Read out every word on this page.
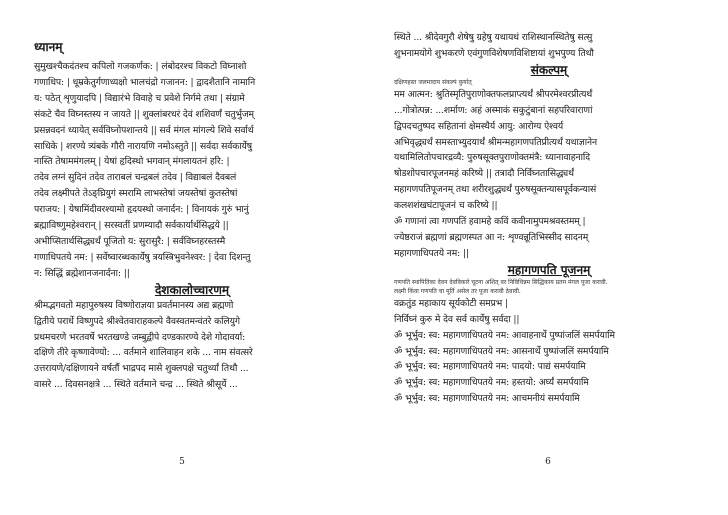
ध्यानम्
सुमुखश्चैकदंतश्च कपिलो गजकर्णक: | लंबोदरश्च विकटो विघ्नाशो
गणाधिप: | धूम्रकेतुर्गणाध्यक्षो भालचंद्रो गजानन: | द्वादशैतानि नामानि
य: पठेत् शृणुयादपि | विद्यारंभे विवाहे च प्रवेशे निर्गमे तथा | संग्रामे
संकटे चैव विघ्नस्तस्य न जायते || शुक्लांबरधरं देवं शशिवर्णं चतुर्भुजम्
प्रसन्नवदनं ध्यायेत् सर्वविघ्नोपशान्तये || सर्व मंगल मांगल्ये शिवे सर्वार्थ
साधिके | शरण्ये त्र्यंबके गौरी नारायणि नमोऽस्तुते || सर्वदा सर्वकार्येषु
नास्ति तेषाममंगलम् | येषां हृदिस्थो भगवान् मंगलायतनं हरि: |
तदेव लग्नं सुदिनं तदेव ताराबलं चन्द्रबलं तदेव | विद्याबलं दैवबलं
तदेव लक्ष्मीपते तेऽङ्घ्रियुगं स्मरामि लाभस्तेषां जयस्तेषां कुतस्तेषां
पराजय: | येषामिंदीवरश्यामो हृदयस्थो जनार्दन: | विनायकं गुरुं भानुं
ब्रह्माविष्णुमहेश्वरान् | सरस्वतीं प्रणम्यादौ सर्वकार्यार्थसिद्धये ||
अभीप्सितार्थसिद्ध्यर्थं पूजितो य: सुरासुरै: | सर्वविघ्नहरस्तस्मै
गणाधिपतये नम: | सर्वेष्वारब्धकार्येषु त्रयस्त्रिभुवनेश्वर: | देवा दिशन्तु
न: सिद्धिं ब्रह्मेशानजनार्दना: ||
देशकालोच्चारणम्
श्रीमद्भगवतो महापुरुषस्य विष्णोराज्ञया प्रवर्तमानस्य अद्य ब्रह्मणो
द्वितीये परार्धे विष्णुपदे श्रीश्वेतवाराहकल्पे वैवस्वतमन्वंतरे कलियुगे
प्रथमचरणे भरतवर्षे भरतखण्डे जम्बुद्वीपे दण्डकारण्ये देशे गोदावर्या:
दक्षिणे तीरे कृष्णावेण्यो: ... वर्तमाने शालिवाहन शके ... नाम संवत्सरे
उत्तरायणे/दक्षिणायने वर्षर्तौ भाद्रपद मासे शुक्लपक्षे चतुर्थ्यां तिथौ ...
वासरे ... दिवसनक्षत्रे ... स्थिते वर्तमाने चन्द्र ... स्थिते श्रीसूर्ये ...
5
स्थिते ... श्रीदेवगुरौ शेषेषु ग्रहेषु यथायथं राशिस्थानस्थितेषु सत्सु
शुभनामयोगे शुभकरणे एवंगुणविशेषणविशिष्टायां शुभपुण्य तिथौ
संकल्पम्
दक्षिणहस्त जलमादाय संकल्पं कुर्यात्
मम आत्मन: श्रुतिस्मृतिपुराणोक्तफलप्राप्त्यर्थं श्रीपरमेश्वरप्रीत्यर्थं
...गोत्रोत्पन्न: ...शर्माण: अहं अस्माकं सकुटुंबानां सहपरिवाराणां
द्विपदचतुष्पद सहितानां क्षेमस्थैर्य आयु: आरोग्य ऐश्वर्य
अभिवृद्ध्यर्थं समस्ताभ्युदयार्थं श्रीमन्महागणपतिप्रीत्यर्थं यथाज्ञानेन
यथामिलितोपचारद्रव्यै: पुरुषसूक्तपुराणोक्तमंत्रै: ध्यानावाहनादि
षोडशोपचारपूजनमहं करिष्ये || तत्रादौ निर्विघ्नतासिद्ध्यर्थं
महागणपतिपूजनम् तथा शरीरशुद्ध्यर्थं पुरुषसूक्तन्यासपूर्वकन्यासं
कलशशंखघंटापूजनं च करिष्ये ||
ॐ गणानां त्वा गणपतिं हवामहे कविं कवीनामुपमश्रवस्तमम् |
ज्येष्ठराजं ब्रह्मणां ब्रह्मणस्पत आ न: शृण्वन्नूतिभिस्सीद सादनम्
महागणाधिपतये नम: ||
महागणपति पूजनम्
गणपति स्थापितिका देवन देवविकारे चूटना अशित् वर निविधिन्नम सिद्धिकाय प्रतम मंगल पूजा करावी.
लक्ष्मी किंवा गणपति चा मूर्ति असेल तर पूजा करावी ठेवावी.
वक्रतुंड महाकाय सूर्यकोटी समप्रभ |
निर्विघ्नं कुरु मे देव सर्व कार्येषु सर्वदा ||
ॐ भूर्भुव: स्व: महागणाधिपतये नम: आवाहनार्थे पुष्पांजलिं समर्पयामि
ॐ भूर्भुव: स्व: महागणाधिपतये नम: आसनार्थे पुष्पांजलिं समर्पयामि
ॐ भूर्भुव: स्व: महागणाधिपतये नम: पादयो: पाद्यं समर्पयामि
ॐ भूर्भुव: स्व: महागणाधिपतये नम: हस्तयो: अर्घ्यं समर्पयामि
ॐ भूर्भुव: स्व: महागणाधिपतये नम: आचमनीयं समर्पयामि
6
